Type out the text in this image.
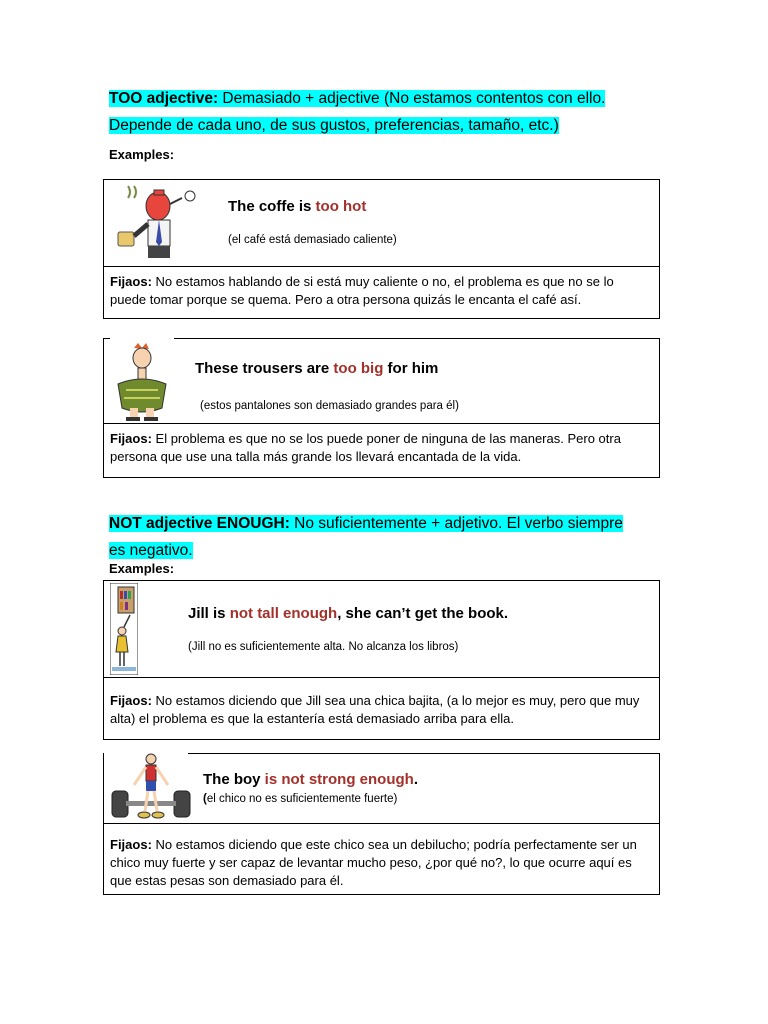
TOO adjective: Demasiado + adjective (No estamos contentos con ello.
Depende de cada uno, de sus gustos, preferencias, tamaño, etc.)
Examples:
The coffe is too hot
(el café está demasiado caliente)
Fijaos: No estamos hablando de si está muy caliente o no, el problema es que no se lo puede tomar porque se quema. Pero a otra persona quizás le encanta el café así.
These trousers are too big for him
(estos pantalones son demasiado grandes para él)
Fijaos: El problema es que no se los puede poner de ninguna de las maneras. Pero otra persona que use una talla más grande los llevará encantada de la vida.
NOT adjective ENOUGH: No suficientemente + adjetivo. El verbo siempre
es negativo.
Examples:
Jill is not tall enough, she can’t get the book.
(Jill no es suficientemente alta. No alcanza los libros)
Fijaos: No estamos diciendo que Jill sea una chica bajita, (a lo mejor es muy, pero que muy alta) el problema es que la estantería está demasiado arriba para ella.
The boy is not strong enough.
(el chico no es suficientemente fuerte)
Fijaos: No estamos diciendo que este chico sea un debilucho; podría perfectamente ser un chico muy fuerte y ser capaz de levantar mucho peso, ¿por qué no?, lo que ocurre aquí es que estas pesas son demasiado para él.
